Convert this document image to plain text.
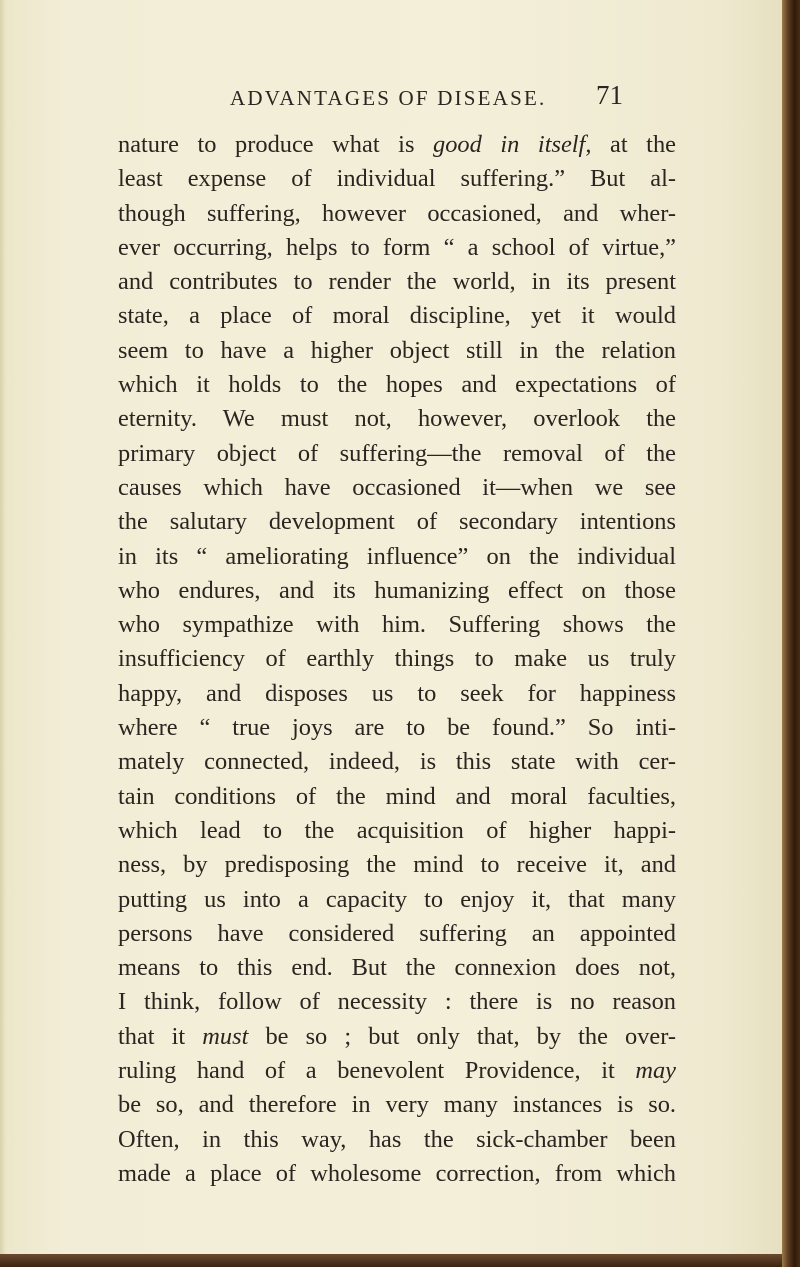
ADVANTAGES OF DISEASE. 71
nature to produce what is good in itself, at the
least expense of individual suffering.” But al-
though suffering, however occasioned, and wher-
ever occurring, helps to form “ a school of virtue,”
and contributes to render the world, in its present
state, a place of moral discipline, yet it would
seem to have a higher object still in the relation
which it holds to the hopes and expectations of
eternity. We must not, however, overlook the
primary object of suffering—the removal of the
causes which have occasioned it—when we see
the salutary development of secondary intentions
in its “ ameliorating influence” on the individual
who endures, and its humanizing effect on those
who sympathize with him. Suffering shows the
insufficiency of earthly things to make us truly
happy, and disposes us to seek for happiness
where “ true joys are to be found.” So inti-
mately connected, indeed, is this state with cer-
tain conditions of the mind and moral faculties,
which lead to the acquisition of higher happi-
ness, by predisposing the mind to receive it, and
putting us into a capacity to enjoy it, that many
persons have considered suffering an appointed
means to this end. But the connexion does not,
I think, follow of necessity : there is no reason
that it must be so ; but only that, by the over-
ruling hand of a benevolent Providence, it may
be so, and therefore in very many instances is so.
Often, in this way, has the sick-chamber been
made a place of wholesome correction, from which
